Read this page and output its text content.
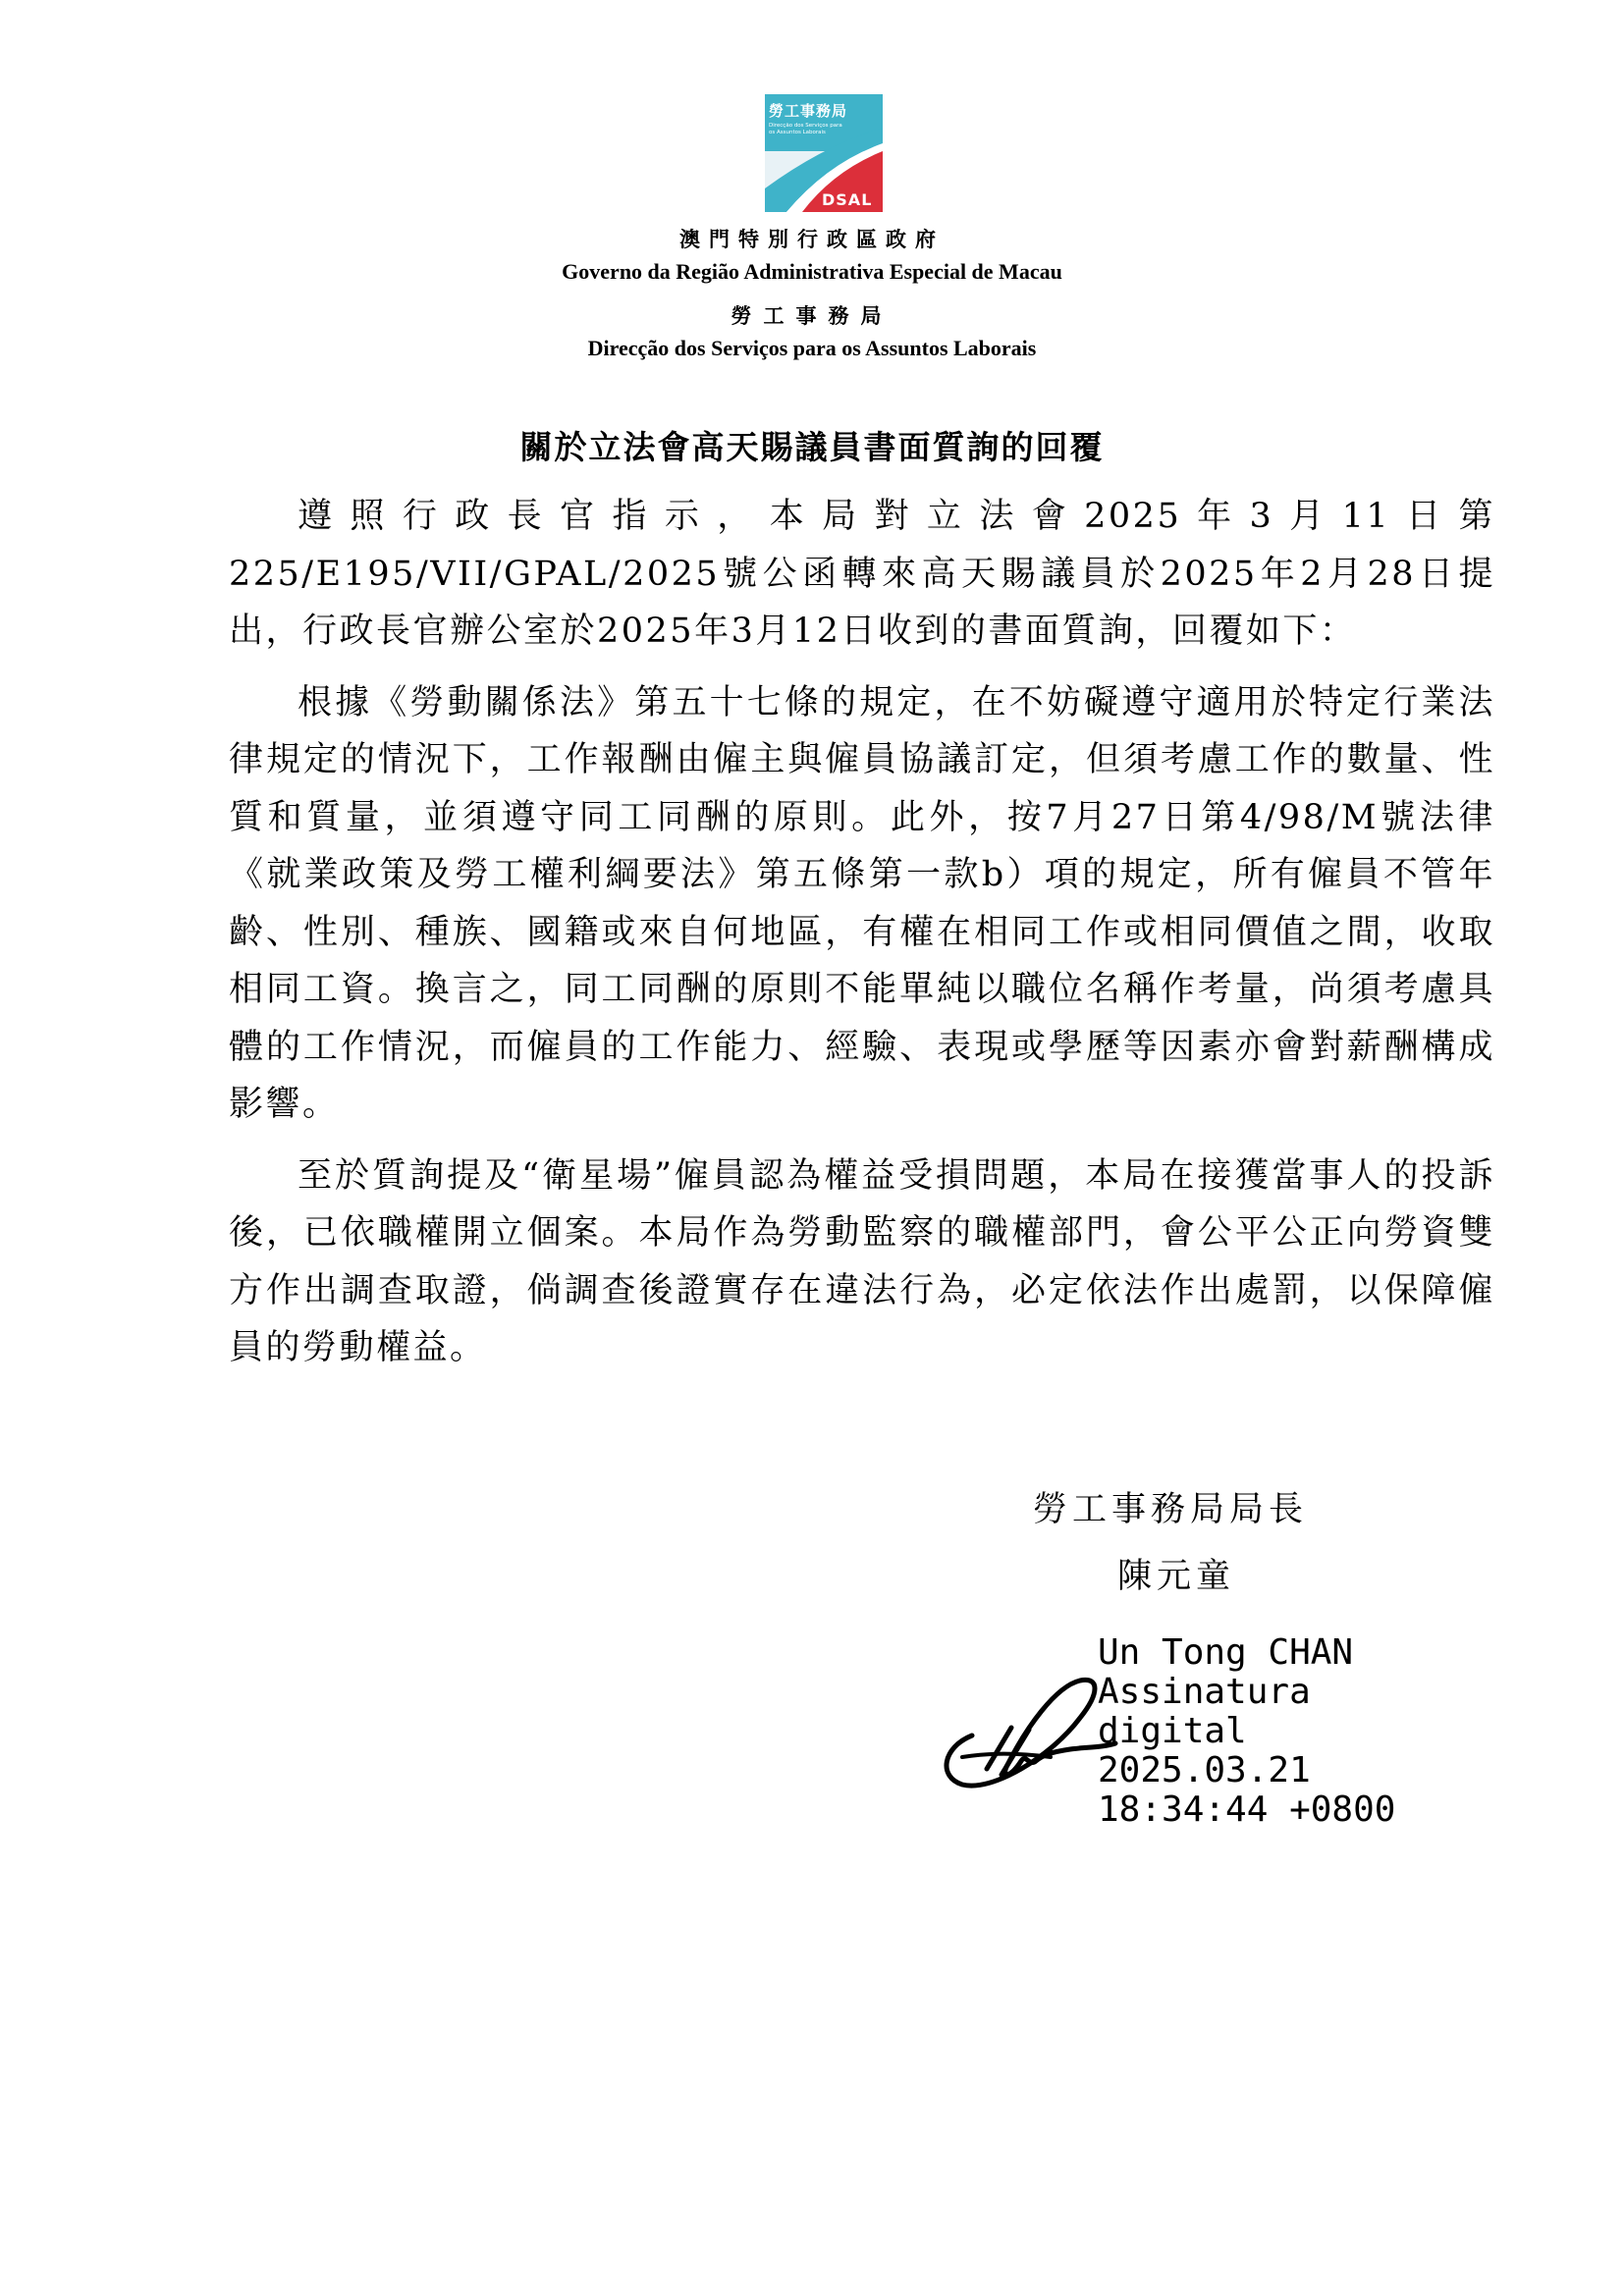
勞工事務局
Direcção dos Serviços para os Assuntos Laborais
DSAL
澳門特別行政區政府
Governo da Região Administrativa Especial de Macau
勞工事務局
Direcção dos Serviços para os Assuntos Laborais
關於立法會高天賜議員書面質詢的回覆

遵照行政長官指示，本局對立法會2025年3月11日第225/E195/VII/GPAL/2025號公函轉來高天賜議員於2025年2月28日提出，行政長官辦公室於2025年3月12日收到的書面質詢，回覆如下：

根據《勞動關係法》第五十七條的規定，在不妨礙遵守適用於特定行業法律規定的情況下，工作報酬由僱主與僱員協議訂定，但須考慮工作的數量、性質和質量，並須遵守同工同酬的原則。此外，按7月27日第4/98/M號法律《就業政策及勞工權利綱要法》第五條第一款b）項的規定，所有僱員不管年齡、性別、種族、國籍或來自何地區，有權在相同工作或相同價值之間，收取相同工資。換言之，同工同酬的原則不能單純以職位名稱作考量，尚須考慮具體的工作情況，而僱員的工作能力、經驗、表現或學歷等因素亦會對薪酬構成影響。

至於質詢提及“衛星場”僱員認為權益受損問題，本局在接獲當事人的投訴後，已依職權開立個案。本局作為勞動監察的職權部門，會公平公正向勞資雙方作出調查取證，倘調查後證實存在違法行為，必定依法作出處罰，以保障僱員的勞動權益。

勞工事務局局長
陳元童
Un Tong CHAN
Assinatura
digital
2025.03.21
18:34:44 +0800
